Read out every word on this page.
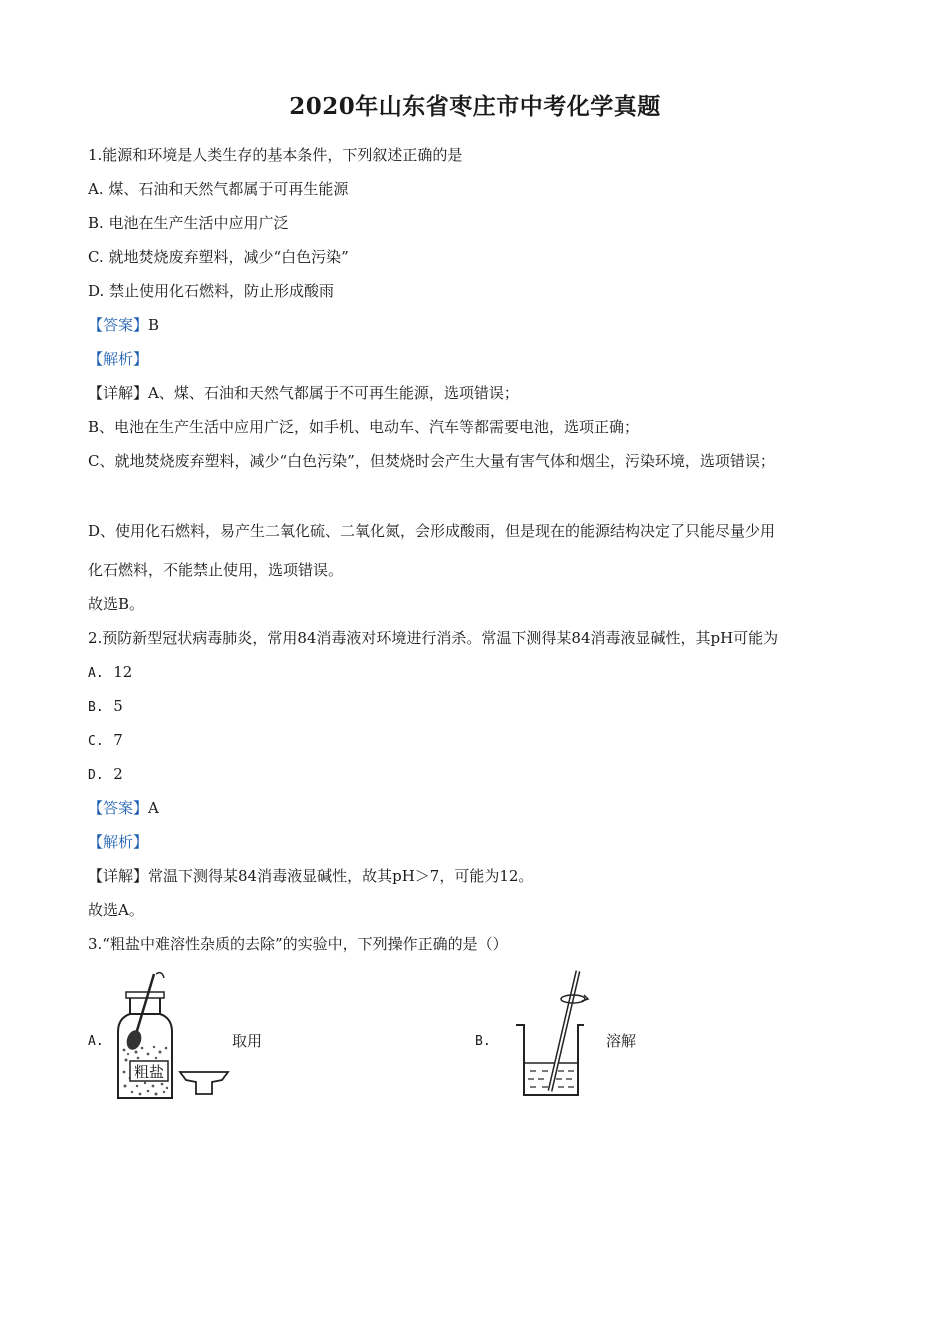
2020年山东省枣庄市中考化学真题
1.能源和环境是人类生存的基本条件，下列叙述正确的是
A. 煤、石油和天然气都属于可再生能源
B. 电池在生产生活中应用广泛
C. 就地焚烧废弃塑料，减少“白色污染”
D. 禁止使用化石燃料，防止形成酸雨
【答案】B
【解析】
【详解】A、煤、石油和天然气都属于不可再生能源，选项错误；
B、电池在生产生活中应用广泛，如手机、电动车、汽车等都需要电池，选项正确；
C、就地焚烧废弃塑料，减少“白色污染”，但焚烧时会产生大量有害气体和烟尘，污染环境，选项错误；
D、使用化石燃料，易产生二氧化硫、二氧化氮，会形成酸雨，但是现在的能源结构决定了只能尽量少用
化石燃料，不能禁止使用，选项错误。
故选B。
2.预防新型冠状病毒肺炎，常用84消毒液对环境进行消杀。常温下测得某84消毒液显碱性，其pH可能为
A. 12
B. 5
C. 7
D. 2
【答案】A
【解析】
【详解】常温下测得某84消毒液显碱性，故其pH＞7，可能为12。
故选A。
3.“粗盐中难溶性杂质的去除”的实验中，下列操作正确的是（）
A.
粗盐
取用	B.	溶解
